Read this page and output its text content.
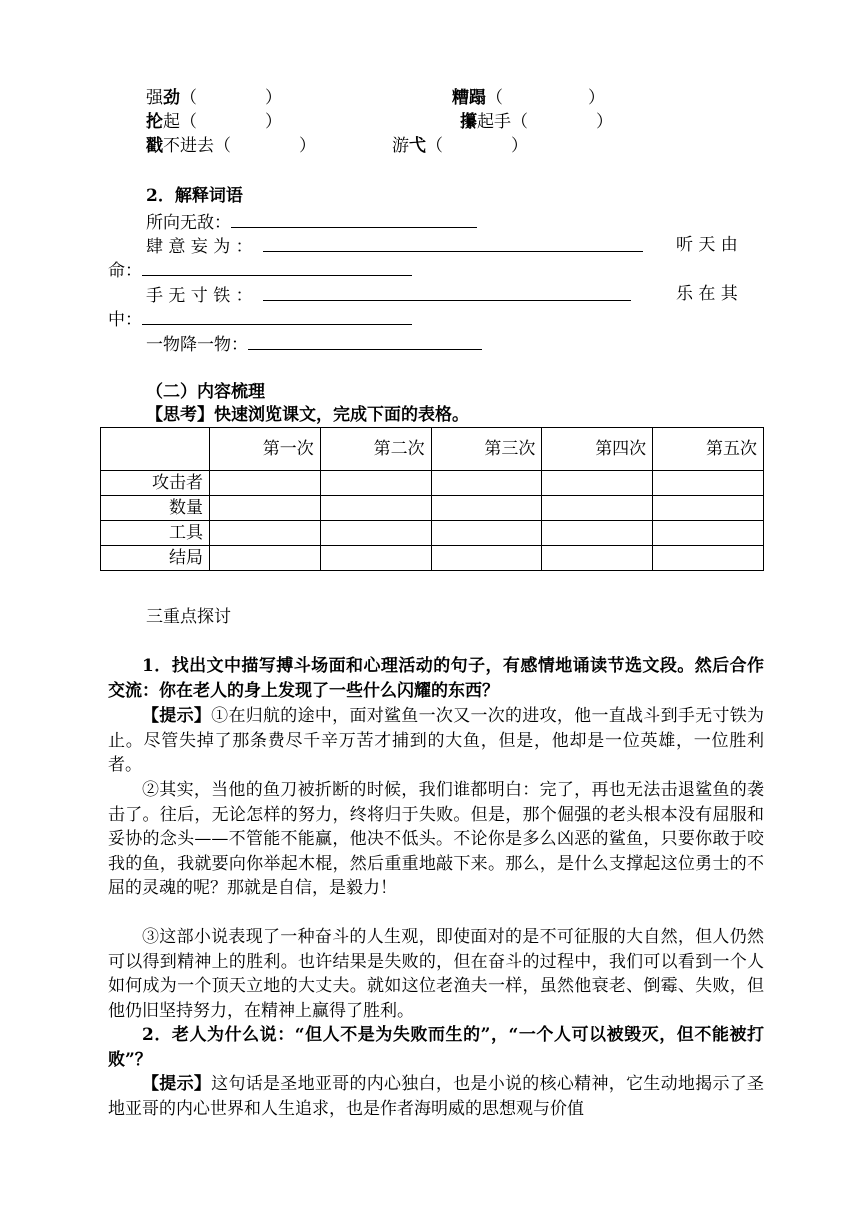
强劲（　　　　）	糟蹋（　　　　　）
抡起（　　　　）	攥起手（　　　　）
戳不进去（　　　　）	游弋（　　　　）
2．解释词语
所向无敌：
肆 意 妄 为 ：	听 天 由
命：
手 无 寸 铁 ：	乐 在 其
中：
一物降一物：
（二）内容梳理
【思考】快速浏览课文，完成下面的表格。
	第一次	第二次	第三次	第四次	第五次
攻击者					
数量					
工具					
结局					
三重点探讨
1．找出文中描写搏斗场面和心理活动的句子，有感情地诵读节选文段。然后合作交流：你在老人的身上发现了一些什么闪耀的东西？
【提示】①在归航的途中，面对鲨鱼一次又一次的进攻，他一直战斗到手无寸铁为止。尽管失掉了那条费尽千辛万苦才捕到的大鱼，但是，他却是一位英雄，一位胜利者。
②其实，当他的鱼刀被折断的时候，我们谁都明白：完了，再也无法击退鲨鱼的袭击了。往后，无论怎样的努力，终将归于失败。但是，那个倔强的老头根本没有屈服和妥协的念头——不管能不能赢，他决不低头。不论你是多么凶恶的鲨鱼，只要你敢于咬我的鱼，我就要向你举起木棍，然后重重地敲下来。那么，是什么支撑起这位勇士的不屈的灵魂的呢？那就是自信，是毅力！
③这部小说表现了一种奋斗的人生观，即使面对的是不可征服的大自然，但人仍然可以得到精神上的胜利。也许结果是失败的，但在奋斗的过程中，我们可以看到一个人如何成为一个顶天立地的大丈夫。就如这位老渔夫一样，虽然他衰老、倒霉、失败，但他仍旧坚持努力，在精神上赢得了胜利。
2．老人为什么说：“但人不是为失败而生的”，“一个人可以被毁灭，但不能被打败”？
【提示】这句话是圣地亚哥的内心独白，也是小说的核心精神，它生动地揭示了圣地亚哥的内心世界和人生追求，也是作者海明威的思想观与价值
